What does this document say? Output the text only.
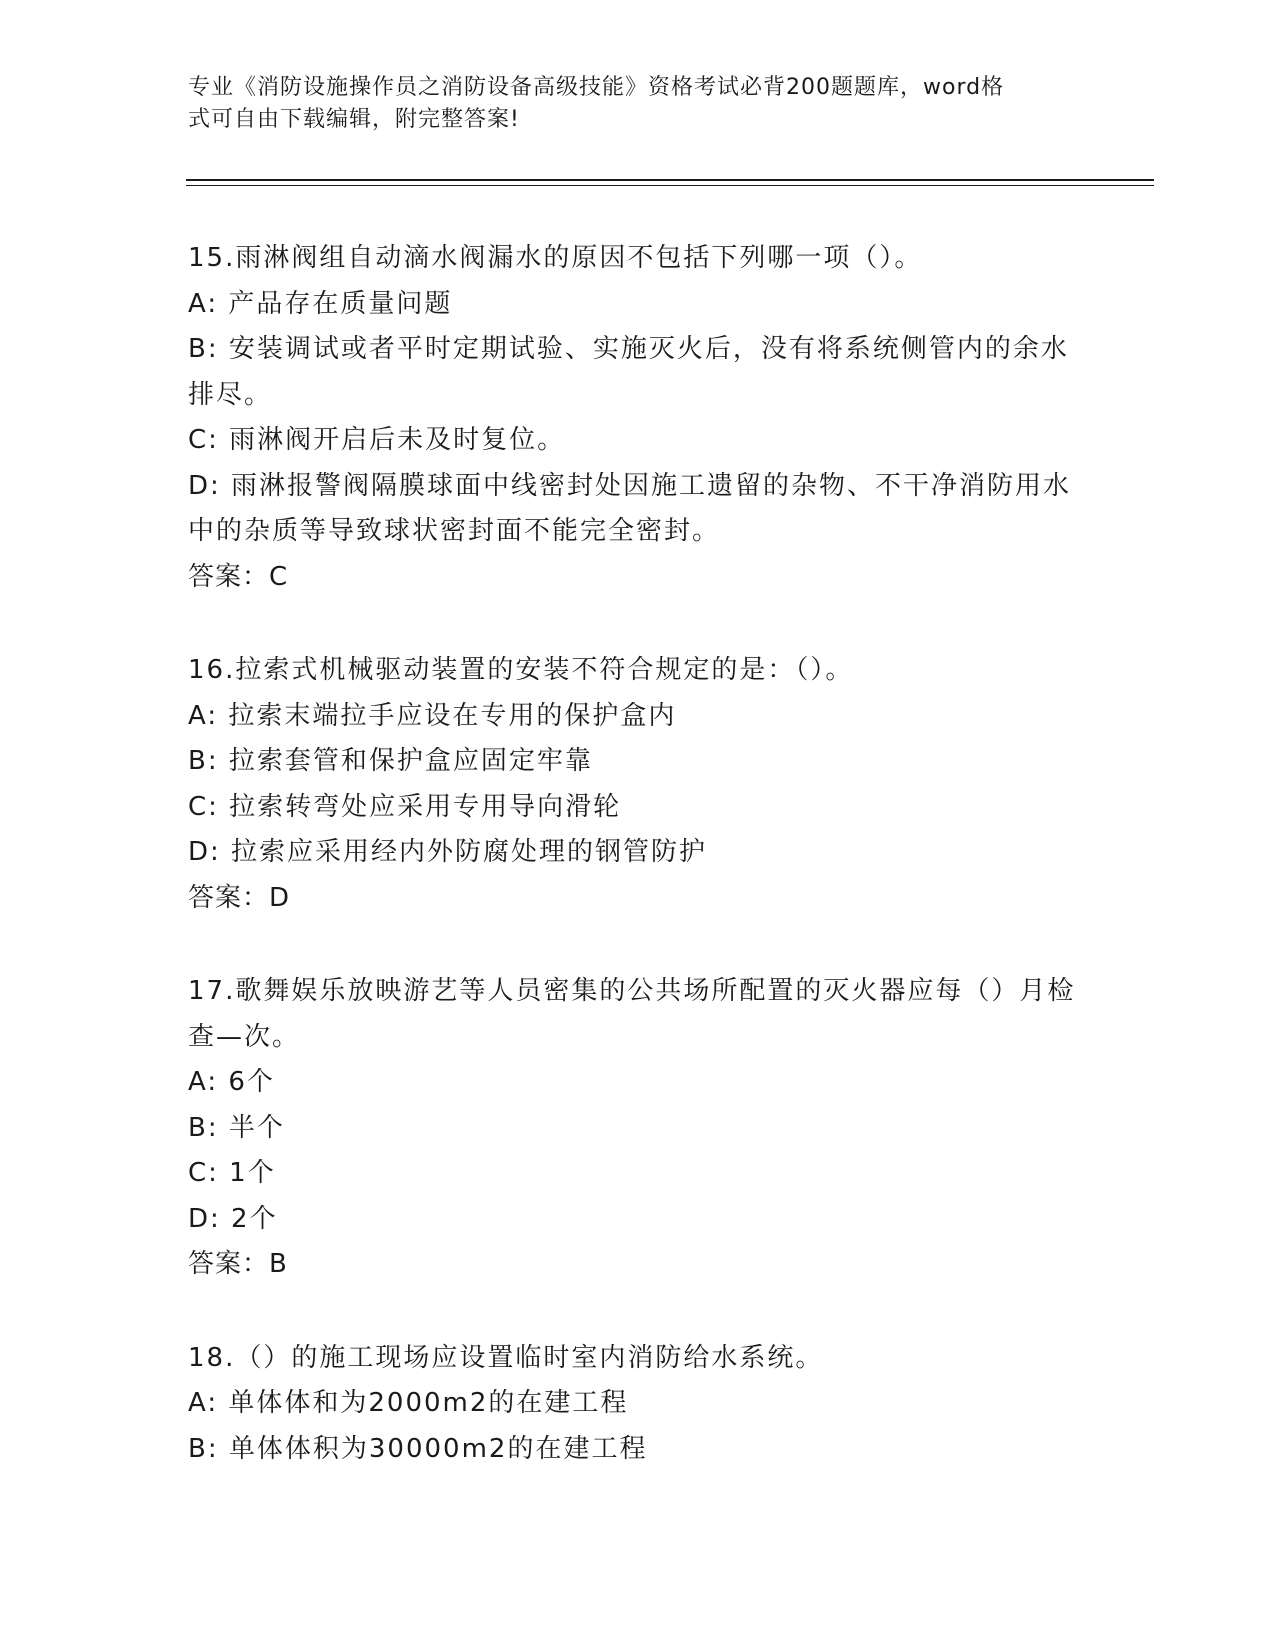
专业《消防设施操作员之消防设备高级技能》资格考试必背200题题库，word格
式可自由下载编辑，附完整答案!
15.雨淋阀组自动滴水阀漏水的原因不包括下列哪一项（）。
A: 产品存在质量问题
B: 安装调试或者平时定期试验、实施灭火后，没有将系统侧管内的余水排尽。
C: 雨淋阀开启后未及时复位。
D: 雨淋报警阀隔膜球面中线密封处因施工遗留的杂物、不干净消防用水中的杂质等导致球状密封面不能完全密封。
答案：C
16.拉索式机械驱动装置的安装不符合规定的是：（）。
A: 拉索末端拉手应设在专用的保护盒内
B: 拉索套管和保护盒应固定牢靠
C: 拉索转弯处应采用专用导向滑轮
D: 拉索应采用经内外防腐处理的钢管防护
答案：D
17.歌舞娱乐放映游艺等人员密集的公共场所配置的灭火器应每（）月检查—次。
A: 6个
B: 半个
C: 1个
D: 2个
答案：B
18.（）的施工现场应设置临时室内消防给水系统。
A: 单体体和为2000m2的在建工程
B: 单体体积为30000m2的在建工程
